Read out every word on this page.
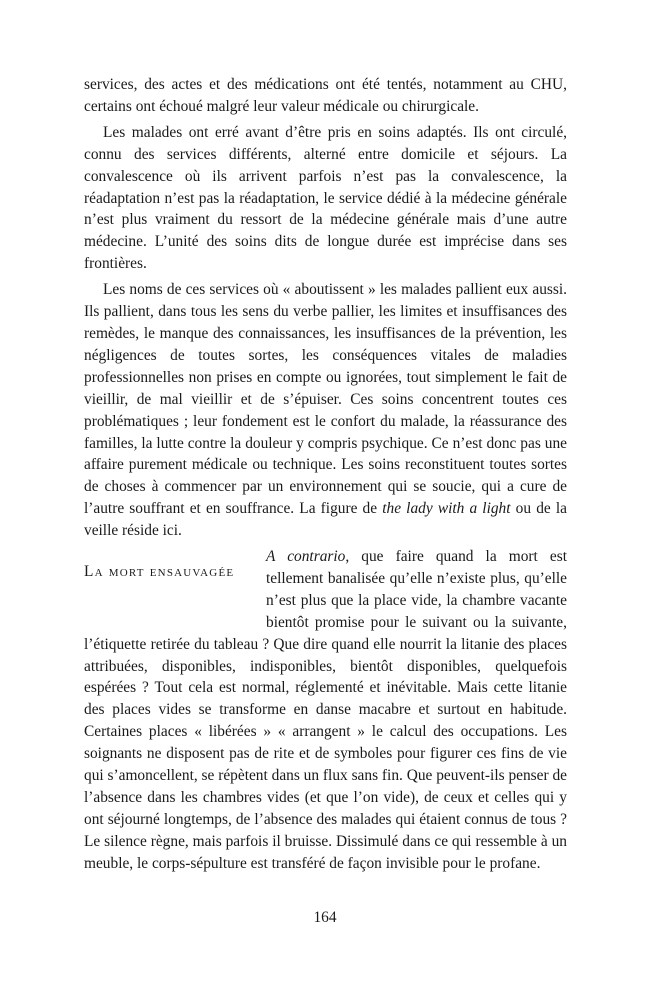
services, des actes et des médications ont été tentés, notamment au CHU, certains ont échoué malgré leur valeur médicale ou chirurgicale.

Les malades ont erré avant d’être pris en soins adaptés. Ils ont circulé, connu des services différents, alterné entre domicile et séjours. La convalescence où ils arrivent parfois n’est pas la convalescence, la réadaptation n’est pas la réadaptation, le service dédié à la médecine générale n’est plus vraiment du ressort de la médecine générale mais d’une autre médecine. L’unité des soins dits de longue durée est imprécise dans ses frontières.

Les noms de ces services où « aboutissent » les malades pallient eux aussi. Ils pallient, dans tous les sens du verbe pallier, les limites et insuffisances des remèdes, le manque des connaissances, les insuffisances de la prévention, les négligences de toutes sortes, les conséquences vitales de maladies professionnelles non prises en compte ou ignorées, tout simplement le fait de vieillir, de mal vieillir et de s’épuiser. Ces soins concentrent toutes ces problématiques ; leur fondement est le confort du malade, la réassurance des familles, la lutte contre la douleur y compris psychique. Ce n’est donc pas une affaire purement médicale ou technique. Les soins reconstituent toutes sortes de choses à commencer par un environnement qui se soucie, qui a cure de l’autre souffrant et en souffrance. La figure de the lady with a light ou de la veille réside ici.

La mort ensauvagée

A contrario, que faire quand la mort est tellement banalisée qu’elle n’existe plus, qu’elle n’est plus que la place vide, la chambre vacante bientôt promise pour le suivant ou la suivante, l’étiquette retirée du tableau ? Que dire quand elle nourrit la litanie des places attribuées, disponibles, indisponibles, bientôt disponibles, quelquefois espérées ? Tout cela est normal, réglementé et inévitable. Mais cette litanie des places vides se transforme en danse macabre et surtout en habitude. Certaines places « libérées » « arrangent » le calcul des occupations. Les soignants ne disposent pas de rite et de symboles pour figurer ces fins de vie qui s’amoncellent, se répètent dans un flux sans fin. Que peuvent-ils penser de l’absence dans les chambres vides (et que l’on vide), de ceux et celles qui y ont séjourné longtemps, de l’absence des malades qui étaient connus de tous ? Le silence règne, mais parfois il bruisse. Dissimulé dans ce qui ressemble à un meuble, le corps-sépulture est transféré de façon invisible pour le profane.

164
